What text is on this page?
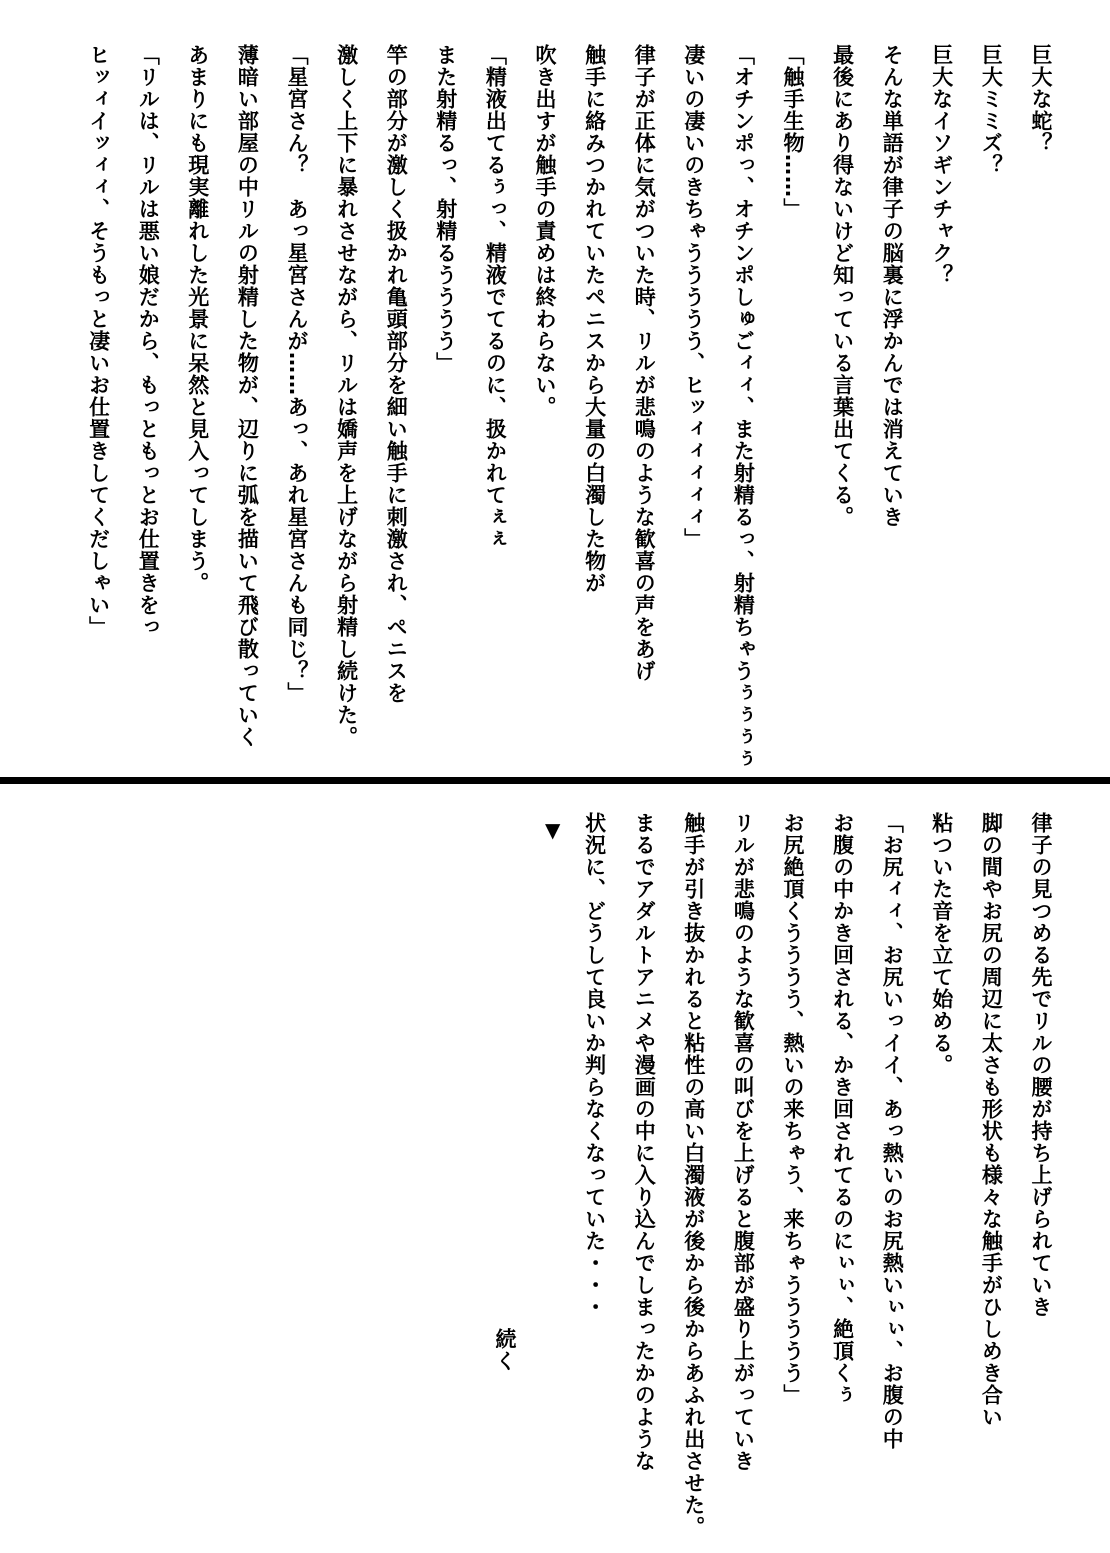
巨大な蛇？
巨大ミミズ？
巨大なイソギンチャク？
そんな単語が律子の脳裏に浮かんでは消えていき
最後にあり得ないけど知っている言葉出てくる。
「触手生物……」
「オチンポっ、オチンポしゅごィィ、また射精るっ、射精ちゃうぅぅぅぅ
凄いの凄いのきちゃううううう、ヒッィィィィィ」
律子が正体に気がついた時、リルが悲鳴のような歓喜の声をあげ
触手に絡みつかれていたペニスから大量の白濁した物が
吹き出すが触手の責めは終わらない。
「精液出てるぅっ、精液でてるのに、扱かれてぇぇ
また射精るっ、射精るうううう」
竿の部分が激しく扱かれ亀頭部分を細い触手に刺激され、ペニスを
激しく上下に暴れさせながら、リルは嬌声を上げながら射精し続けた。
「星宮さん？　あっ星宮さんが……あっ、あれ星宮さんも同じ？」
薄暗い部屋の中リルの射精した物が、辺りに弧を描いて飛び散っていく
あまりにも現実離れした光景に呆然と見入ってしまう。
「リルは、リルは悪い娘だから、もっともっとお仕置きをっ
ヒッィイッィィ、そうもっと凄いお仕置きしてくだしゃい」
律子の見つめる先でリルの腰が持ち上げられていき
脚の間やお尻の周辺に太さも形状も様々な触手がひしめき合い
粘ついた音を立て始める。
「お尻ィィ、お尻いっイイ、あっ熱いのお尻熱いぃぃ、お腹の中
お腹の中かき回される、かき回されてるのにぃぃ、絶頂くぅ
お尻絶頂くうううう、熱いの来ちゃう、来ちゃううううう」
リルが悲鳴のような歓喜の叫びを上げると腹部が盛り上がっていき
触手が引き抜かれると粘性の高い白濁液が後から後からあふれ出させた。
まるでアダルトアニメや漫画の中に入り込んでしまったかのような
状況に、どうして良いか判らなくなっていた・・・
▼
続く
